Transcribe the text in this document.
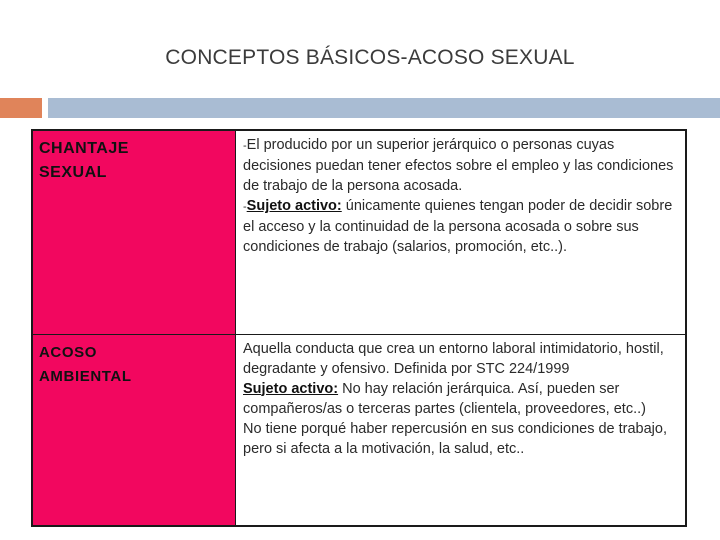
CONCEPTOS BÁSICOS-ACOSO SEXUAL
CHANTAJE
SEXUAL	-El producido por un superior jerárquico o personas cuyas decisiones puedan tener efectos sobre el empleo y las condiciones de trabajo de la persona acosada.
-Sujeto activo: únicamente quienes tengan poder de decidir sobre el acceso y la continuidad de la persona acosada o sobre sus condiciones de trabajo (salarios, promoción, etc..).

ACOSO
AMBIENTAL	Aquella conducta que crea un entorno laboral intimidatorio, hostil, degradante y ofensivo. Definida por STC 224/1999
Sujeto activo: No hay relación jerárquica. Así, pueden ser compañeros/as o terceras partes (clientela, proveedores, etc..)
No tiene porqué haber repercusión en sus condiciones de trabajo, pero si afecta a la motivación, la salud, etc..
